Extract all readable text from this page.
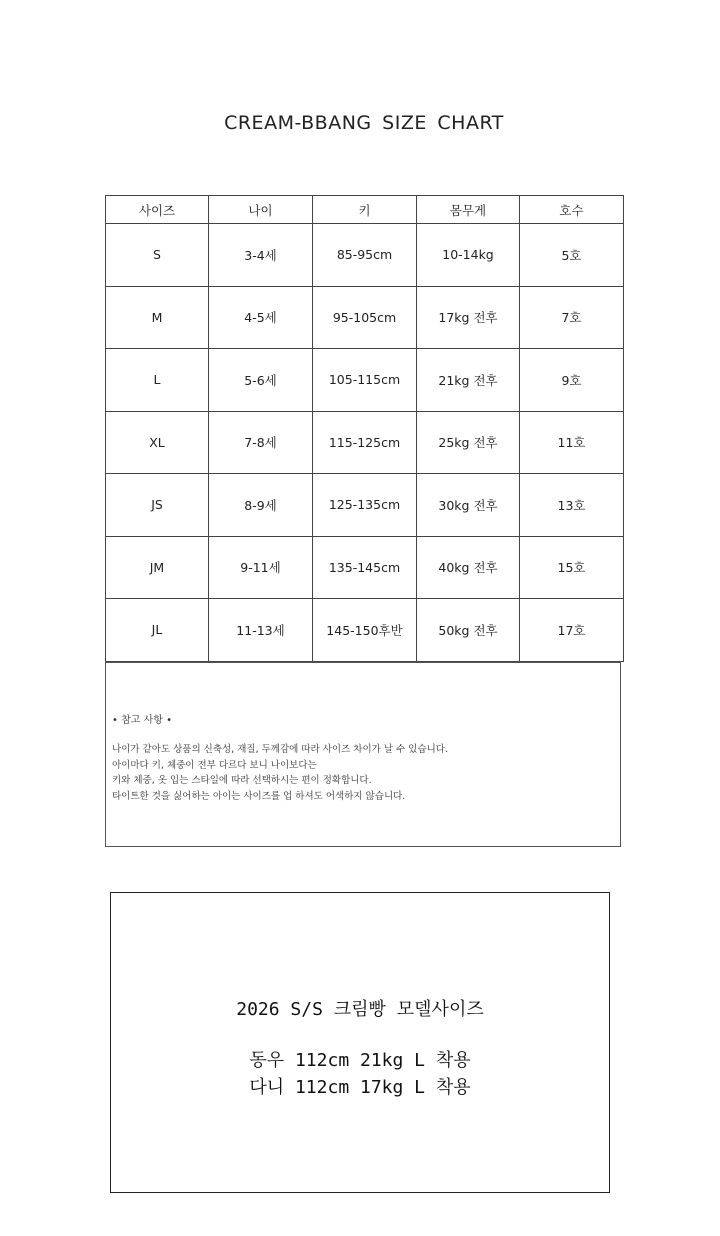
CREAM-BBANG SIZE CHART
사이즈	나이	키	몸무게	호수
S	3-4세	85-95cm	10-14kg	5호
M	4-5세	95-105cm	17kg 전후	7호
L	5-6세	105-115cm	21kg 전후	9호
XL	7-8세	115-125cm	25kg 전후	11호
JS	8-9세	125-135cm	30kg 전후	13호
JM	9-11세	135-145cm	40kg 전후	15호
JL	11-13세	145-150후반	50kg 전후	17호
• 참고 사항 •
나이가 같아도 상품의 신축성, 재질, 두께감에 따라 사이즈 차이가 날 수 있습니다.
아이마다 키, 체중이 전부 다르다 보니 나이보다는
키와 체중, 옷 입는 스타일에 따라 선택하시는 편이 정확합니다.
타이트한 것을 싫어하는 아이는 사이즈를 업 하셔도 어색하지 않습니다.
2026 S/S 크림빵 모델사이즈
동우 112cm 21kg L 착용
다니 112cm 17kg L 착용
